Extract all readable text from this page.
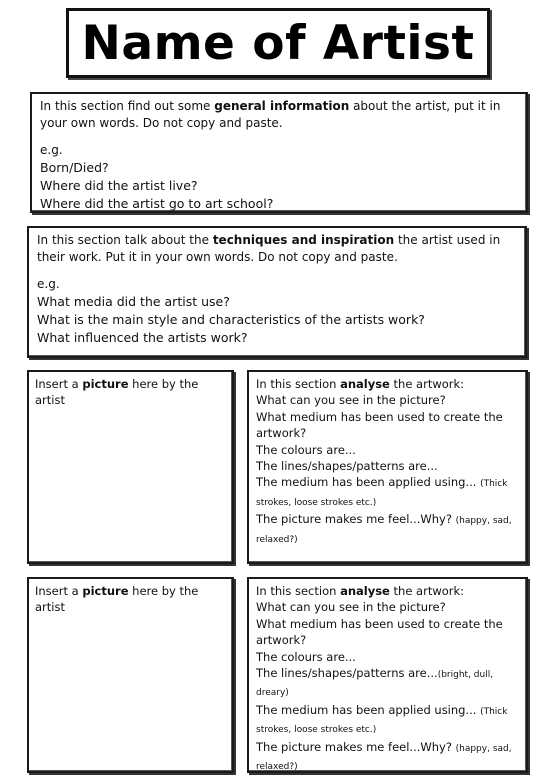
Name of Artist

In this section find out some general information about the artist, put it in your own words. Do not copy and paste.

e.g.

Born/Died?

Where did the artist live?

Where did the artist go to art school?

In this section talk about the techniques and inspiration the artist used in their work. Put it in your own words. Do not copy and paste.

e.g.

What media did the artist use?

What is the main style and characteristics of the artists work?

What influenced the artists work?

Insert a picture here by the artist

In this section analyse the artwork:

What can you see in the picture?

What medium has been used to create the artwork?

The colours are...

The lines/shapes/patterns are...

The medium has been applied using... (Thick strokes, loose strokes etc.)

The picture makes me feel...Why? (happy, sad, relaxed?)

Insert a picture here by the artist

In this section analyse the artwork:

What can you see in the picture?

What medium has been used to create the artwork?

The colours are...

The lines/shapes/patterns are...(bright, dull, dreary)

The medium has been applied using... (Thick strokes, loose strokes etc.)

The picture makes me feel...Why? (happy, sad, relaxed?)
